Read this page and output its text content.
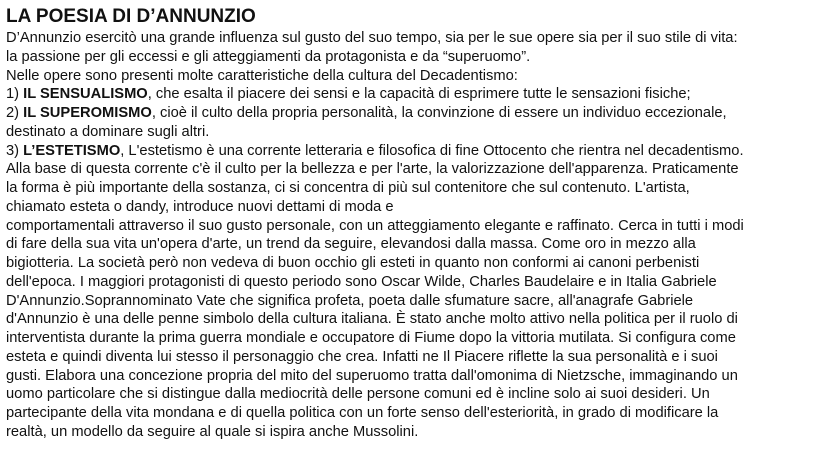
LA POESIA DI D’ANNUNZIO
D’Annunzio esercitò una grande influenza sul gusto del suo tempo, sia per le sue opere sia per il suo stile di vita:
la passione per gli eccessi e gli atteggiamenti da protagonista e da “superuomo”.
Nelle opere sono presenti molte caratteristiche della cultura del Decadentismo:
1) IL SENSUALISMO, che esalta il piacere dei sensi e la capacità di esprimere tutte le sensazioni fisiche;
2) IL SUPEROMISMO, cioè il culto della propria personalità, la convinzione di essere un individuo eccezionale,
destinato a dominare sugli altri.
3) L’ESTETISMO, L'estetismo è una corrente letteraria e filosofica di fine Ottocento che rientra nel decadentismo.
Alla base di questa corrente c'è il culto per la bellezza e per l'arte, la valorizzazione dell'apparenza. Praticamente
la forma è più importante della sostanza, ci si concentra di più sul contenitore che sul contenuto. L'artista,
chiamato esteta o dandy, introduce nuovi dettami di moda e
comportamentali attraverso il suo gusto personale, con un atteggiamento elegante e raffinato. Cerca in tutti i modi
di fare della sua vita un'opera d'arte, un trend da seguire, elevandosi dalla massa. Come oro in mezzo alla
bigiotteria. La società però non vedeva di buon occhio gli esteti in quanto non conformi ai canoni perbenisti
dell'epoca. I maggiori protagonisti di questo periodo sono Oscar Wilde, Charles Baudelaire e in Italia Gabriele
D'Annunzio.Soprannominato Vate che significa profeta, poeta dalle sfumature sacre, all'anagrafe Gabriele
d'Annunzio è una delle penne simbolo della cultura italiana. È stato anche molto attivo nella politica per il ruolo di
interventista durante la prima guerra mondiale e occupatore di Fiume dopo la vittoria mutilata. Si configura come
esteta e quindi diventa lui stesso il personaggio che crea. Infatti ne Il Piacere riflette la sua personalità e i suoi
gusti. Elabora una concezione propria del mito del superuomo tratta dall'omonima di Nietzsche, immaginando un
uomo particolare che si distingue dalla mediocrità delle persone comuni ed è incline solo ai suoi desideri. Un
partecipante della vita mondana e di quella politica con un forte senso dell'esteriorità, in grado di modificare la
realtà, un modello da seguire al quale si ispira anche Mussolini.
